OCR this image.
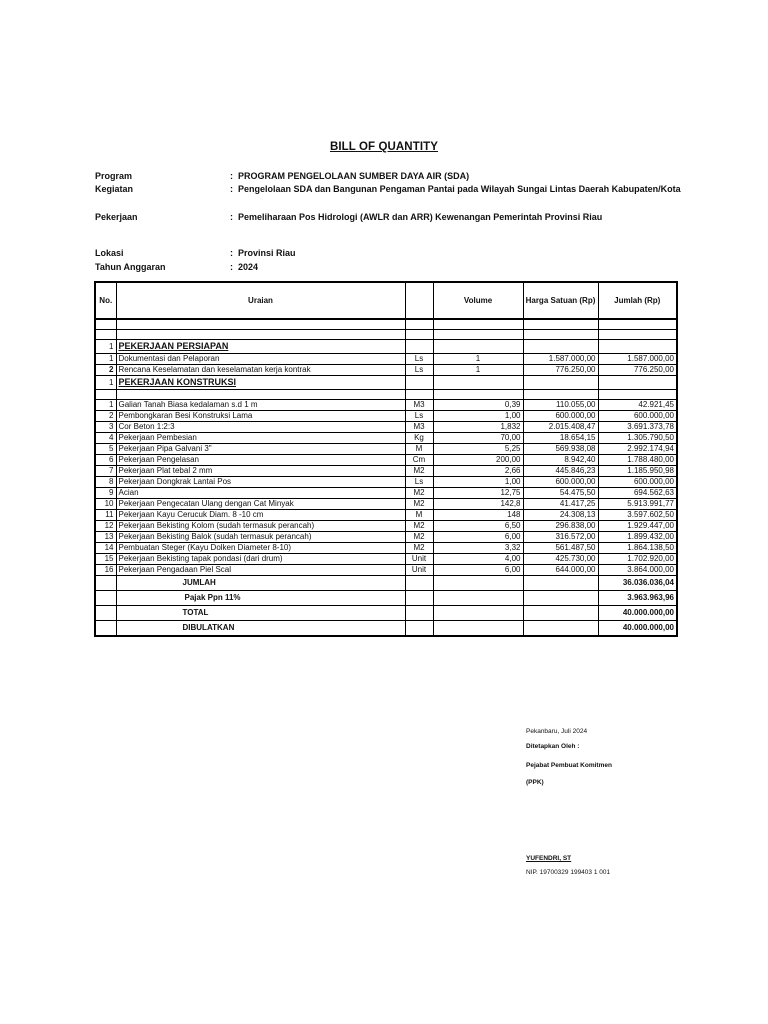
BILL OF QUANTITY
Program	: PROGRAM PENGELOLAAN SUMBER DAYA AIR (SDA)
Kegiatan	: Pengelolaan SDA dan Bangunan Pengaman Pantai pada Wilayah Sungai Lintas Daerah Kabupaten/Kota
Pekerjaan	: Pemeliharaan Pos Hidrologi (AWLR dan ARR) Kewenangan Pemerintah Provinsi Riau
Lokasi	: Provinsi Riau
Tahun Anggaran	: 2024
No.	Uraian		Volume	Harga Satuan (Rp)	Jumlah (Rp)

1	PEKERJAAN PERSIAPAN				
1	Dokumentasi dan Pelaporan	Ls	1	1.587.000,00	1.587.000,00
2	Rencana Keselamatan dan keselamatan kerja kontrak	Ls	1	776.250,00	776.250,00
1	PEKERJAAN KONSTRUKSI				

1	Galian Tanah Biasa kedalaman s.d 1 m	M3	0,39	110.055,00	42.921,45
2	Pembongkaran Besi Konstruksi Lama	Ls	1,00	600.000,00	600.000,00
3	Cor Beton 1:2:3	M3	1,832	2.015.408,47	3.691.373,78
4	Pekerjaan Pembesian	Kg	70,00	18.654,15	1.305.790,50
5	Pekerjaan Pipa Galvani 3"	M	5,25	569.938,08	2.992.174,94
6	Pekerjaan Pengelasan	Cm	200,00	8.942,40	1.788.480,00
7	Pekerjaan Plat tebal 2 mm	M2	2,66	445.846,23	1.185.950,98
8	Pekerjaan Dongkrak Lantai Pos	Ls	1,00	600.000,00	600.000,00
9	Acian	M2	12,75	54.475,50	694.562,63
10	Pekerjaan Pengecatan Ulang dengan Cat Minyak	M2	142,8	41.417,25	5.913.991,77
11	Pekerjaan Kayu Cerucuk Diam. 8 -10 cm	M	148	24.308,13	3.597.602,50
12	Pekerjaan Bekisting Kolom (sudah termasuk perancah)	M2	6,50	296.838,00	1.929.447,00
13	Pekerjaan Bekisting Balok (sudah termasuk perancah)	M2	6,00	316.572,00	1.899.432,00
14	Pembuatan Steger (Kayu Dolken Diameter 8-10)	M2	3,32	561.487,50	1.864.138,50
15	Pekerjaan Bekisting tapak pondasi (dari drum)	Unit	4,00	425.730,00	1.702.920,00
16	Pekerjaan Pengadaan Piel Scal	Unit	6,00	644.000,00	3.864.000,00
	JUMLAH				36.036.036,04
	Pajak Ppn 11%				3.963.963,96
	TOTAL				40.000.000,00
	DIBULATKAN				40.000.000,00
Pekanbaru, Juli 2024
Ditetapkan Oleh :
Pejabat Pembuat Komitmen
(PPK)
YUFENDRI, ST
NIP. 19700329 199403 1 001
